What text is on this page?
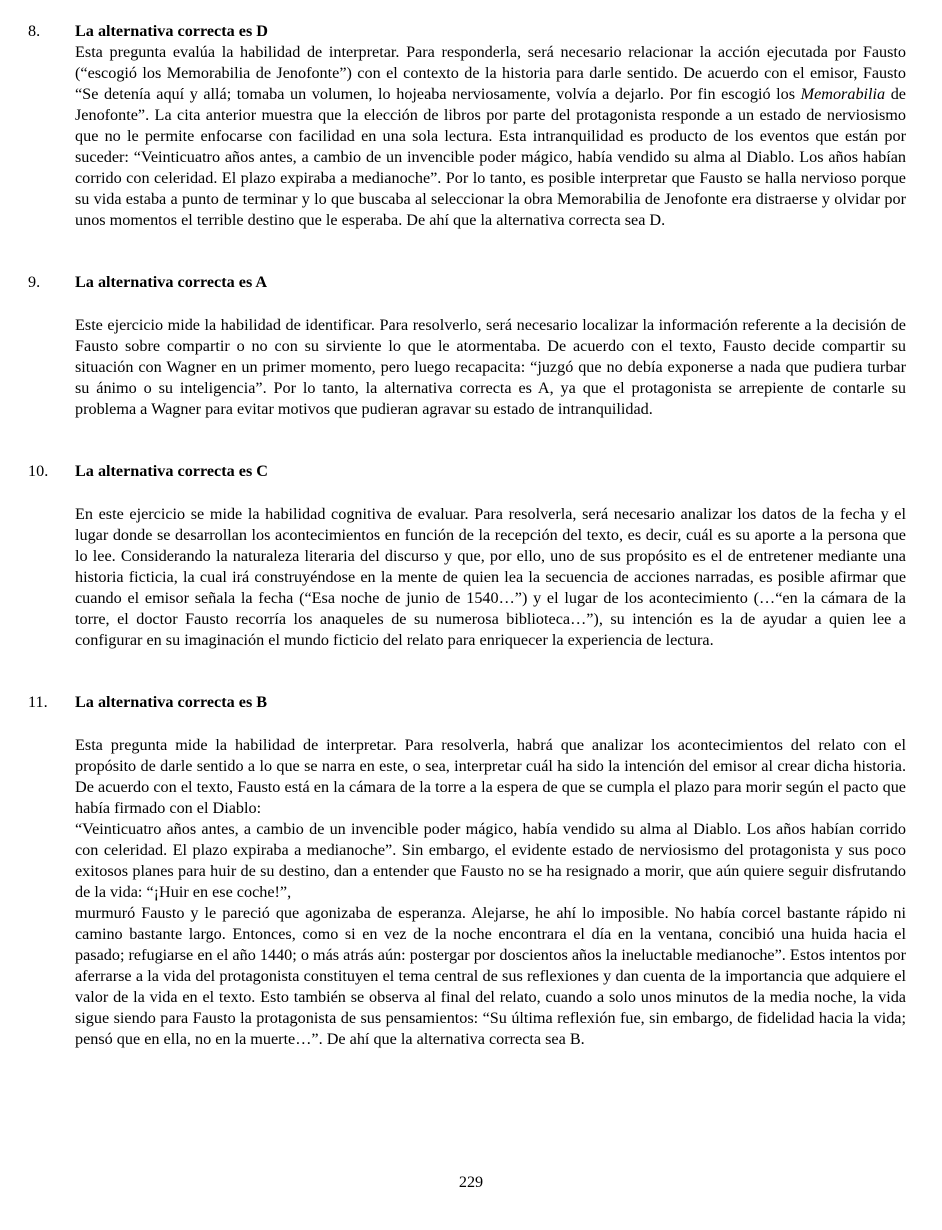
8. La alternativa correcta es D

Esta pregunta evalúa la habilidad de interpretar. Para responderla, será necesario relacionar la acción ejecutada por Fausto (“escogió los Memorabilia de Jenofonte”) con el contexto de la historia para darle sentido. De acuerdo con el emisor, Fausto “Se detenía aquí y allá; tomaba un volumen, lo hojeaba nerviosamente, volvía a dejarlo. Por fin escogió los Memorabilia de Jenofonte”. La cita anterior muestra que la elección de libros por parte del protagonista responde a un estado de nerviosismo que no le permite enfocarse con facilidad en una sola lectura. Esta intranquilidad es producto de los eventos que están por suceder: “Veinticuatro años antes, a cambio de un invencible poder mágico, había vendido su alma al Diablo. Los años habían corrido con celeridad. El plazo expiraba a medianoche”. Por lo tanto, es posible interpretar que Fausto se halla nervioso porque su vida estaba a punto de terminar y lo que buscaba al seleccionar la obra Memorabilia de Jenofonte era distraerse y olvidar por unos momentos el terrible destino que le esperaba. De ahí que la alternativa correcta sea D.

9. La alternativa correcta es A

Este ejercicio mide la habilidad de identificar. Para resolverlo, será necesario localizar la información referente a la decisión de Fausto sobre compartir o no con su sirviente lo que le atormentaba. De acuerdo con el texto, Fausto decide compartir su situación con Wagner en un primer momento, pero luego recapacita: “juzgó que no debía exponerse a nada que pudiera turbar su ánimo o su inteligencia”. Por lo tanto, la alternativa correcta es A, ya que el protagonista se arrepiente de contarle su problema a Wagner para evitar motivos que pudieran agravar su estado de intranquilidad.

10. La alternativa correcta es C

En este ejercicio se mide la habilidad cognitiva de evaluar. Para resolverla, será necesario analizar los datos de la fecha y el lugar donde se desarrollan los acontecimientos en función de la recepción del texto, es decir, cuál es su aporte a la persona que lo lee. Considerando la naturaleza literaria del discurso y que, por ello, uno de sus propósito es el de entretener mediante una historia ficticia, la cual irá construyéndose en la mente de quien lea la secuencia de acciones narradas, es posible afirmar que cuando el emisor señala la fecha (“Esa noche de junio de 1540…”) y el lugar de los acontecimiento (…“en la cámara de la torre, el doctor Fausto recorría los anaqueles de su numerosa biblioteca…”), su intención es la de ayudar a quien lee a configurar en su imaginación el mundo ficticio del relato para enriquecer la experiencia de lectura.

11. La alternativa correcta es B

Esta pregunta mide la habilidad de interpretar. Para resolverla, habrá que analizar los acontecimientos del relato con el propósito de darle sentido a lo que se narra en este, o sea, interpretar cuál ha sido la intención del emisor al crear dicha historia. De acuerdo con el texto, Fausto está en la cámara de la torre a la espera de que se cumpla el plazo para morir según el pacto que había firmado con el Diablo:

“Veinticuatro años antes, a cambio de un invencible poder mágico, había vendido su alma al Diablo. Los años habían corrido con celeridad. El plazo expiraba a medianoche”. Sin embargo, el evidente estado de nerviosismo del protagonista y sus poco exitosos planes para huir de su destino, dan a entender que Fausto no se ha resignado a morir, que aún quiere seguir disfrutando de la vida: “¡Huir en ese coche!”,

murmuró Fausto y le pareció que agonizaba de esperanza. Alejarse, he ahí lo imposible. No había corcel bastante rápido ni camino bastante largo. Entonces, como si en vez de la noche encontrara el día en la ventana, concibió una huida hacia el pasado; refugiarse en el año 1440; o más atrás aún: postergar por doscientos años la ineluctable medianoche”. Estos intentos por aferrarse a la vida del protagonista constituyen el tema central de sus reflexiones y dan cuenta de la importancia que adquiere el valor de la vida en el texto. Esto también se observa al final del relato, cuando a solo unos minutos de la media noche, la vida sigue siendo para Fausto la protagonista de sus pensamientos: “Su última reflexión fue, sin embargo, de fidelidad hacia la vida; pensó que en ella, no en la muerte…”. De ahí que la alternativa correcta sea B.

229
